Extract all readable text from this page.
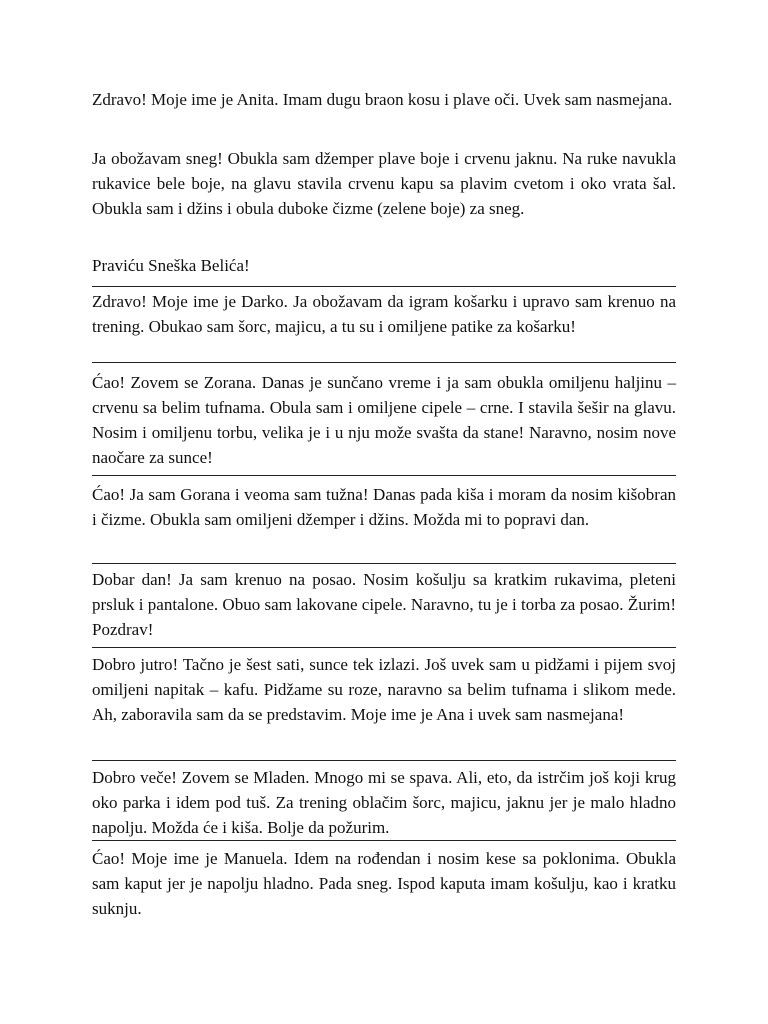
Zdravo! Moje ime je Anita. Imam dugu braon kosu i plave oči. Uvek sam nasmejana.

Ja obožavam sneg! Obukla sam džemper plave boje i crvenu jaknu. Na ruke navukla rukavice bele boje, na glavu stavila crvenu kapu sa plavim cvetom i oko vrata šal. Obukla sam i džins i obula duboke čizme (zelene boje) za sneg.

Praviću Sneška Belića!

Zdravo! Moje ime je Darko. Ja obožavam da igram košarku i upravo sam krenuo na trening. Obukao sam šorc, majicu, a tu su i omiljene patike za košarku!

Ćao! Zovem se Zorana. Danas je sunčano vreme i ja sam obukla omiljenu haljinu – crvenu sa belim tufnama. Obula sam i omiljene cipele – crne. I stavila šešir na glavu. Nosim i omiljenu torbu, velika je i u nju može svašta da stane! Naravno, nosim nove naočare za sunce!

Ćao! Ja sam Gorana i veoma sam tužna! Danas pada kiša i moram da nosim kišobran i čizme. Obukla sam omiljeni džemper i džins. Možda mi to popravi dan.

Dobar dan! Ja sam krenuo na posao. Nosim košulju sa kratkim rukavima, pleteni prsluk i pantalone. Obuo sam lakovane cipele. Naravno, tu je i torba za posao. Žurim! Pozdrav!

Dobro jutro! Tačno je šest sati, sunce tek izlazi. Još uvek sam u pidžami i pijem svoj omiljeni napitak – kafu. Pidžame su roze, naravno sa belim tufnama i slikom mede. Ah, zaboravila sam da se predstavim. Moje ime je Ana i uvek sam nasmejana!

Dobro veče! Zovem se Mladen. Mnogo mi se spava. Ali, eto, da istrčim još koji krug oko parka i idem pod tuš. Za trening oblačim šorc, majicu, jaknu jer je malo hladno napolju. Možda će i kiša. Bolje da požurim.

Ćao! Moje ime je Manuela. Idem na rođendan i nosim kese sa poklonima. Obukla sam kaput jer je napolju hladno. Pada sneg. Ispod kaputa imam košulju, kao i kratku suknju.
